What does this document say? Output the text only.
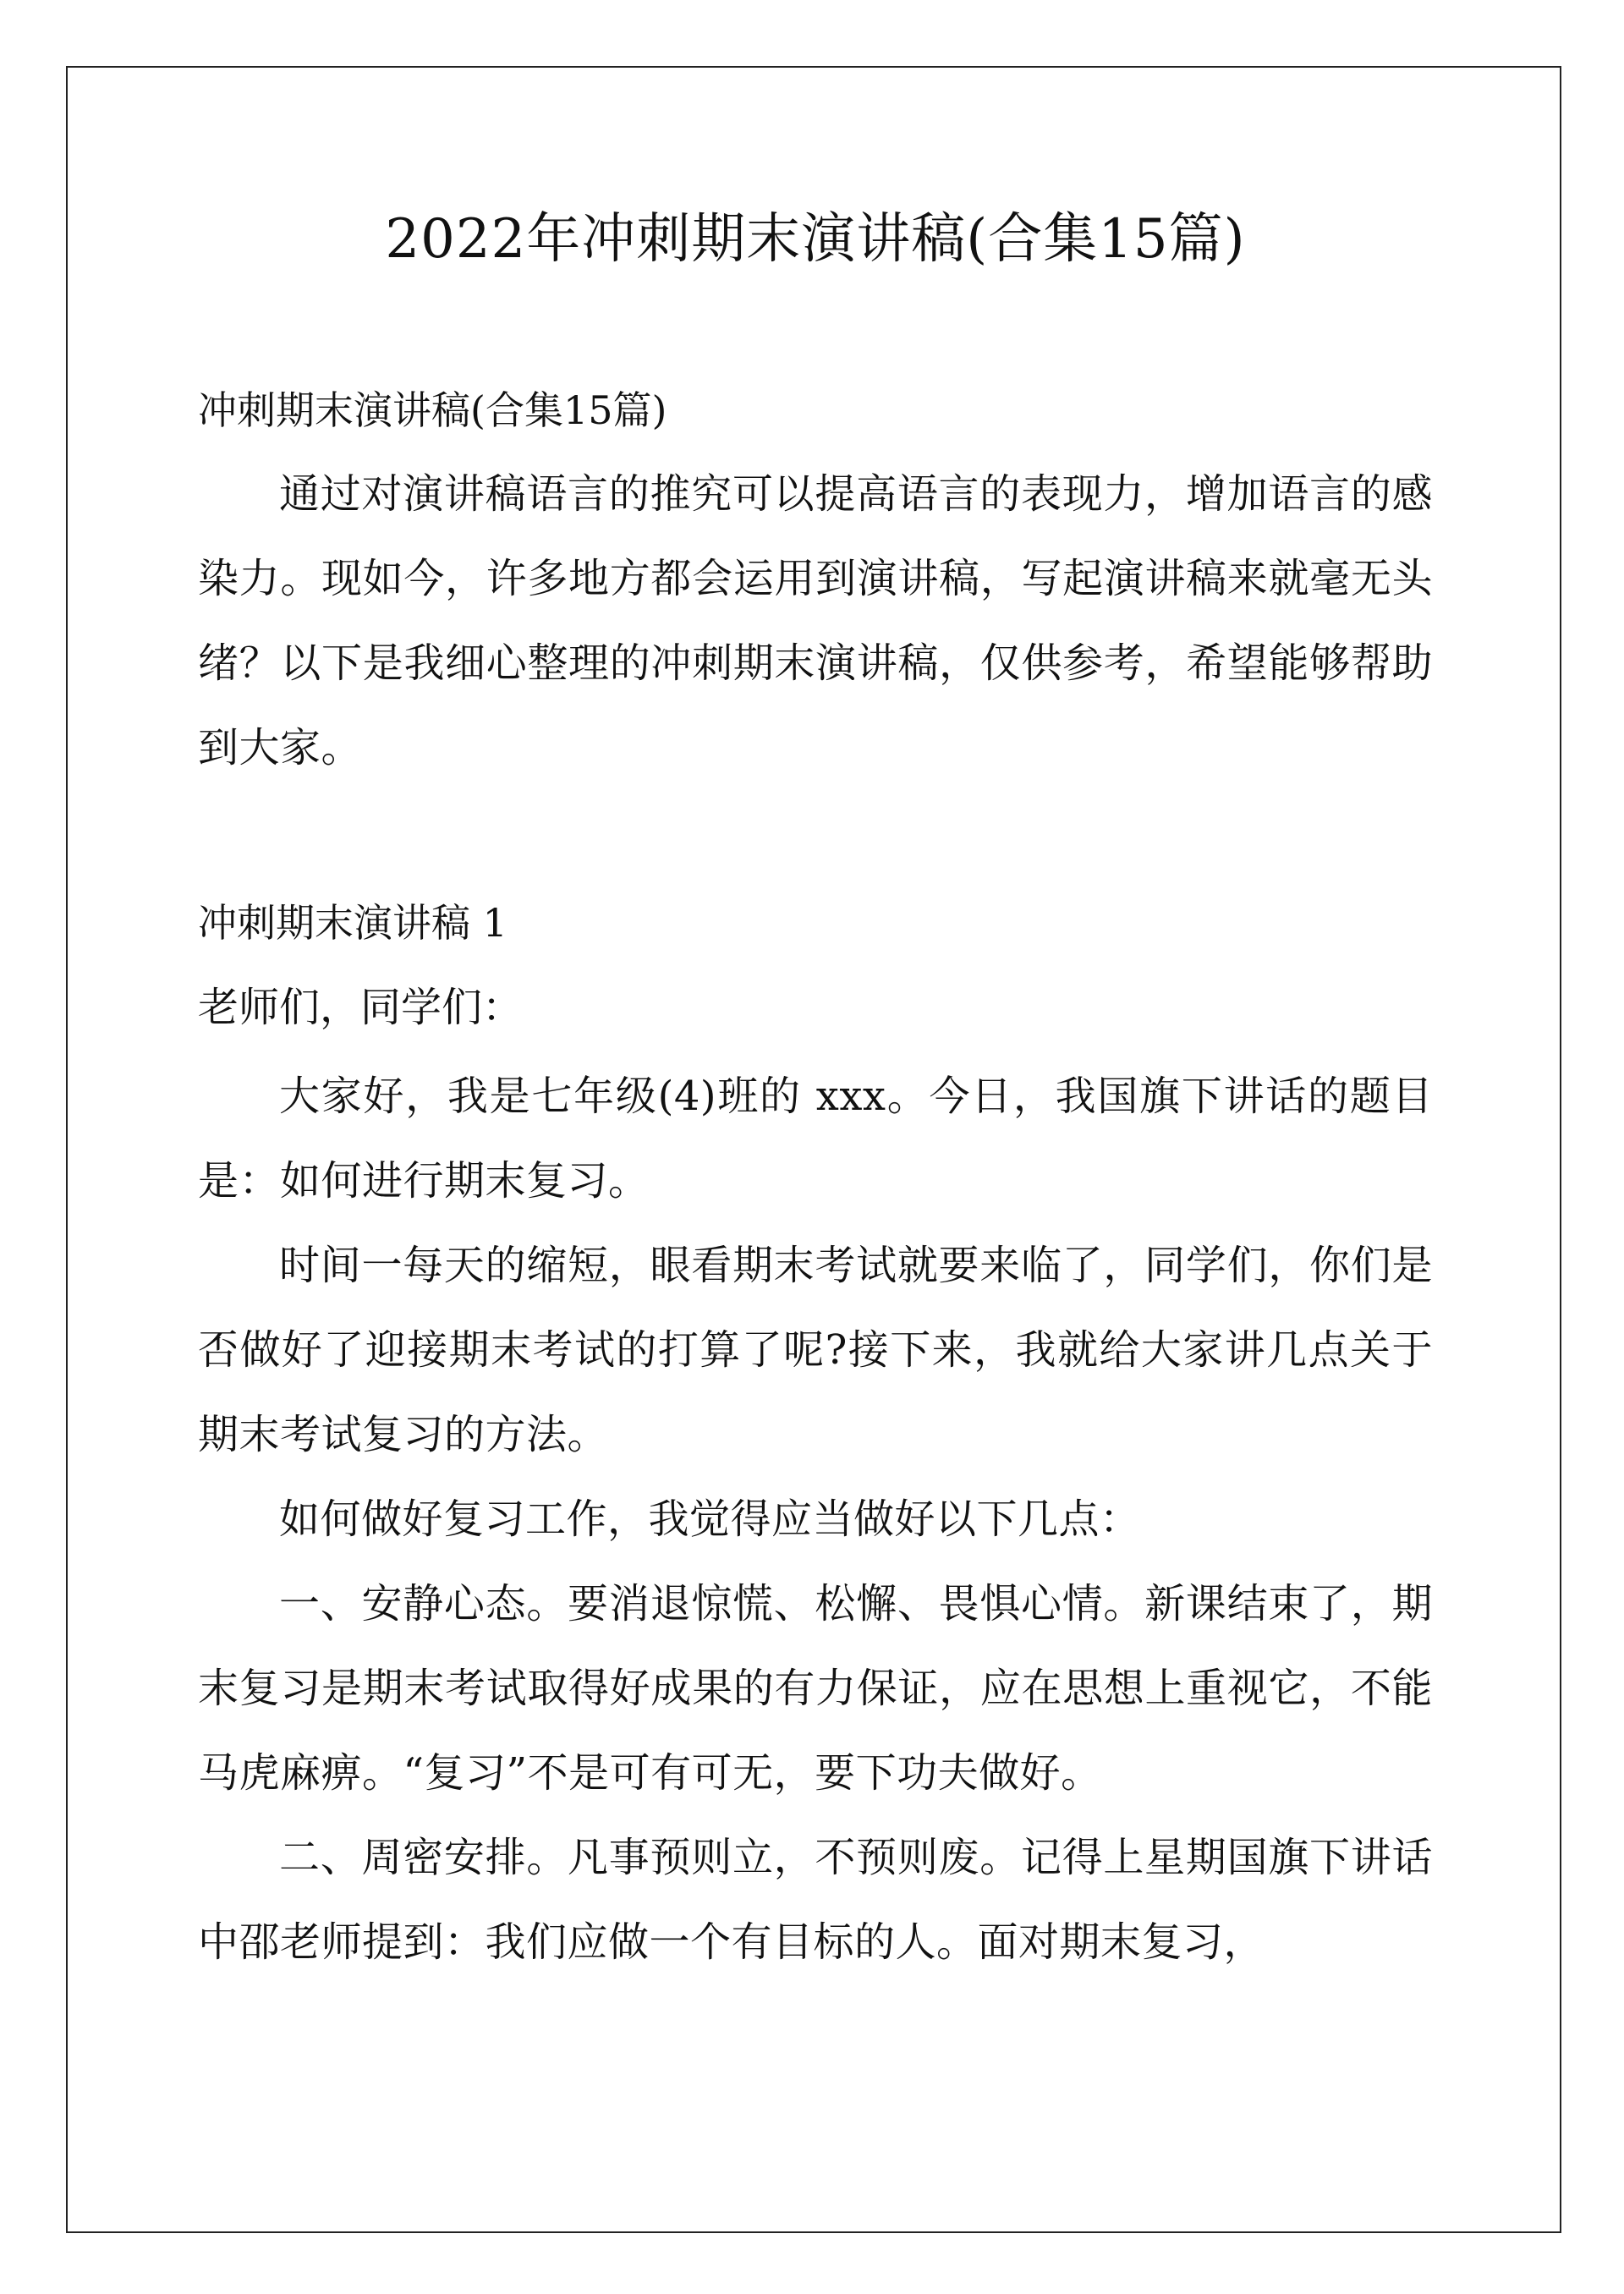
2022年冲刺期末演讲稿(合集15篇)
冲刺期末演讲稿(合集15篇)
通过对演讲稿语言的推究可以提高语言的表现力，增加语言的感染力。现如今，许多地方都会运用到演讲稿，写起演讲稿来就毫无头绪？以下是我细心整理的冲刺期末演讲稿，仅供参考，希望能够帮助到大家。
冲刺期末演讲稿 1
老师们，同学们：
大家好，我是七年级(4)班的 xxx。今日，我国旗下讲话的题目是：如何进行期末复习。
时间一每天的缩短，眼看期末考试就要来临了，同学们，你们是否做好了迎接期末考试的打算了呢?接下来，我就给大家讲几点关于期末考试复习的方法。
如何做好复习工作，我觉得应当做好以下几点：
一、安静心态。要消退惊慌、松懈、畏惧心情。新课结束了，期末复习是期末考试取得好成果的有力保证，应在思想上重视它，不能马虎麻痹。“复习”不是可有可无，要下功夫做好。
二、周密安排。凡事预则立，不预则废。记得上星期国旗下讲话中邵老师提到：我们应做一个有目标的人。面对期末复习，
